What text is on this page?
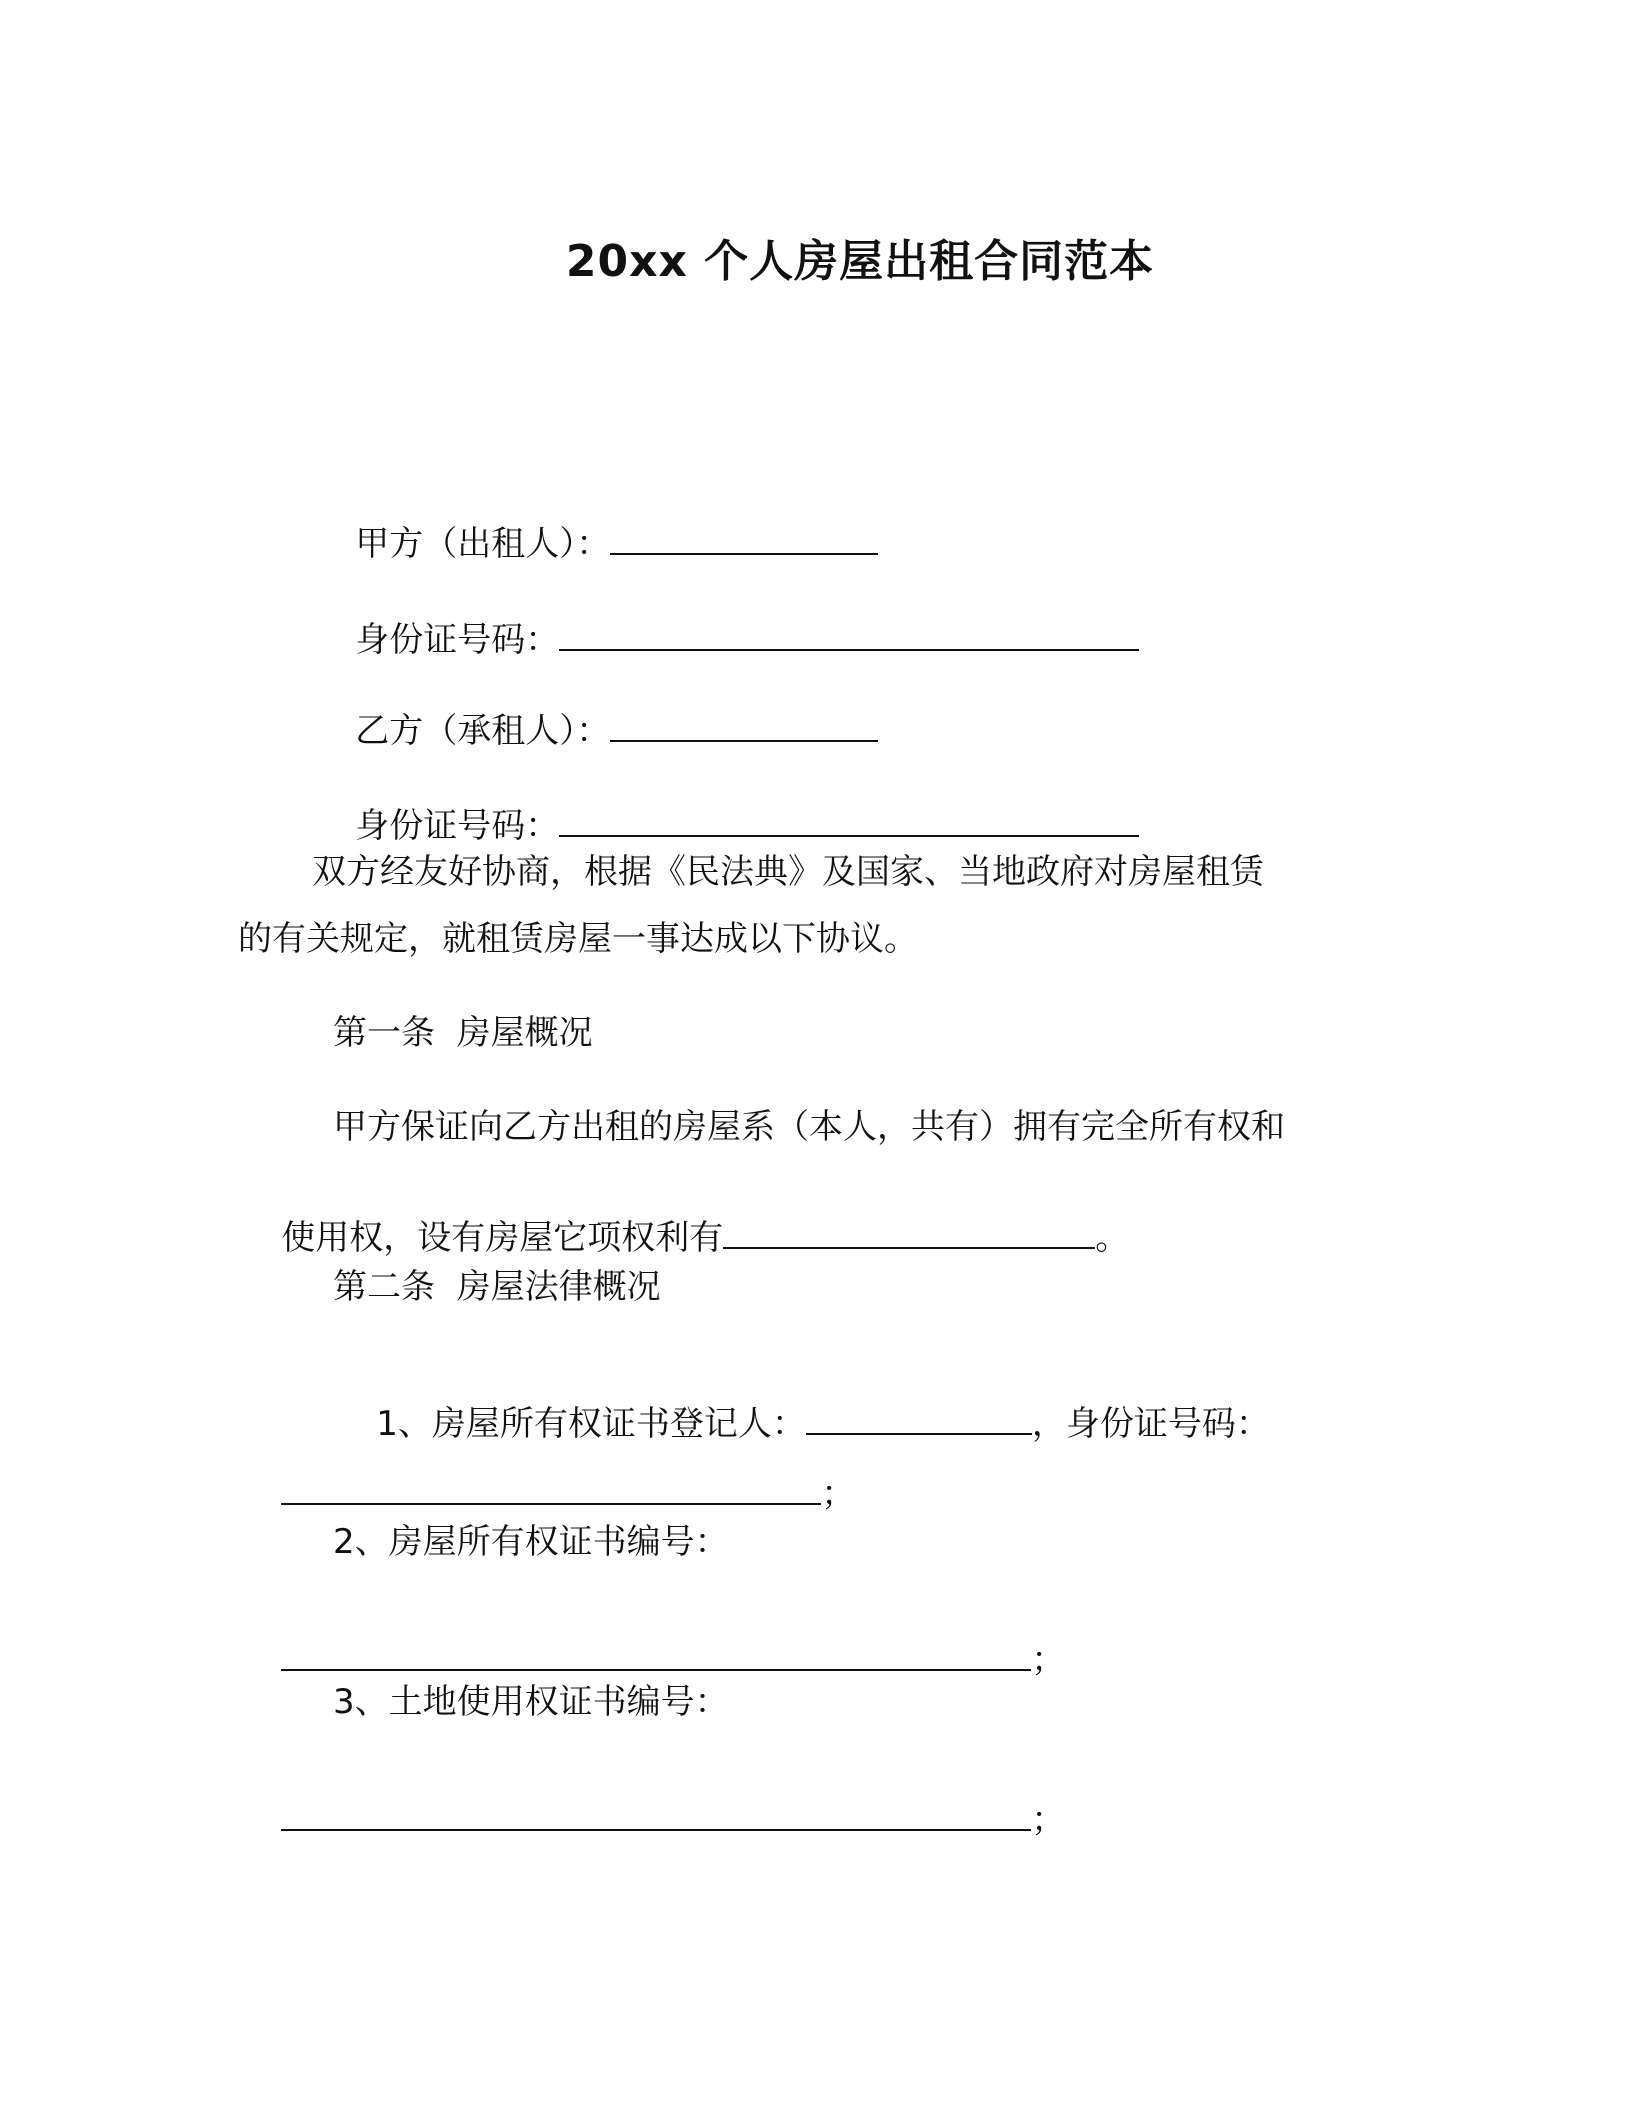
20xx 个人房屋出租合同范本

甲方（出租人）：

身份证号码：

乙方（承租人）：

身份证号码：

双方经友好协商，根据《民法典》及国家、当地政府对房屋租赁
的有关规定，就租赁房屋一事达成以下协议。
第一条  房屋概况
甲方保证向乙方出租的房屋系（本人，共有）拥有完全所有权和

使用权，设有房屋它项权利有	。

第二条  房屋法律概况

1、房屋所有权证书登记人：	，身份证号码：

；

2、房屋所有权证书编号：

；

3、土地使用权证书编号：

；
